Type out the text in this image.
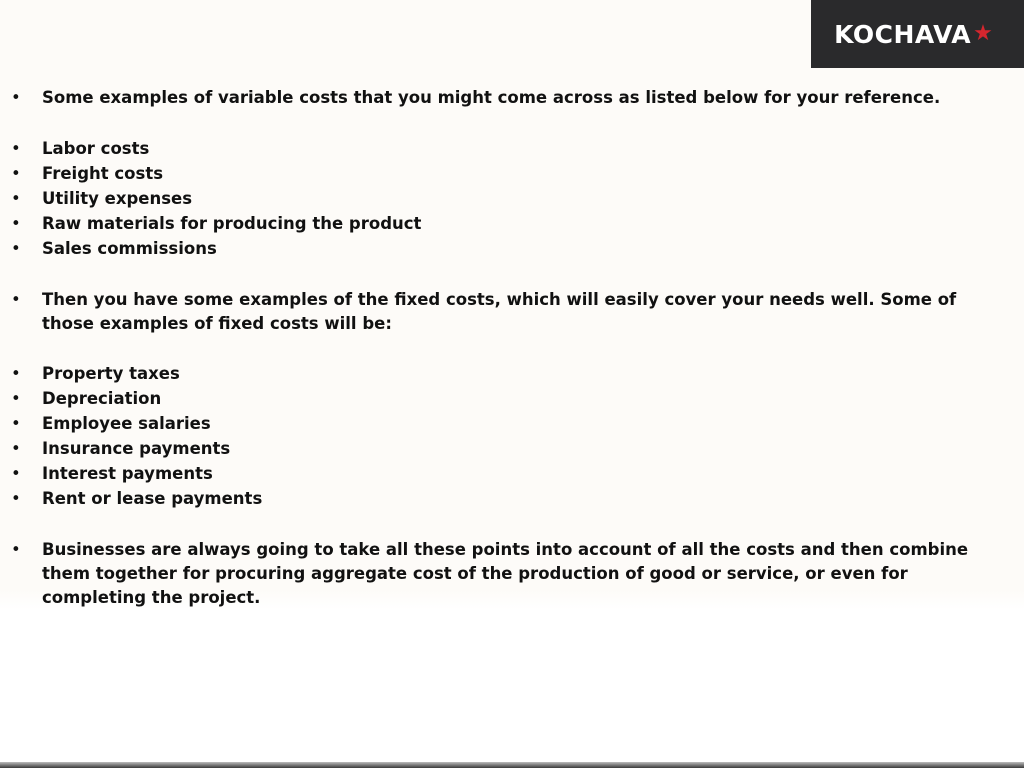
KOCHAVA ★
• Some examples of variable costs that you might come across as listed below for your reference.
• Labor costs
• Freight costs
• Utility expenses
• Raw materials for producing the product
• Sales commissions
• Then you have some examples of the fixed costs, which will easily cover your needs well. Some of those examples of fixed costs will be:
• Property taxes
• Depreciation
• Employee salaries
• Insurance payments
• Interest payments
• Rent or lease payments
• Businesses are always going to take all these points into account of all the costs and then combine them together for procuring aggregate cost of the production of good or service, or even for completing the project.
